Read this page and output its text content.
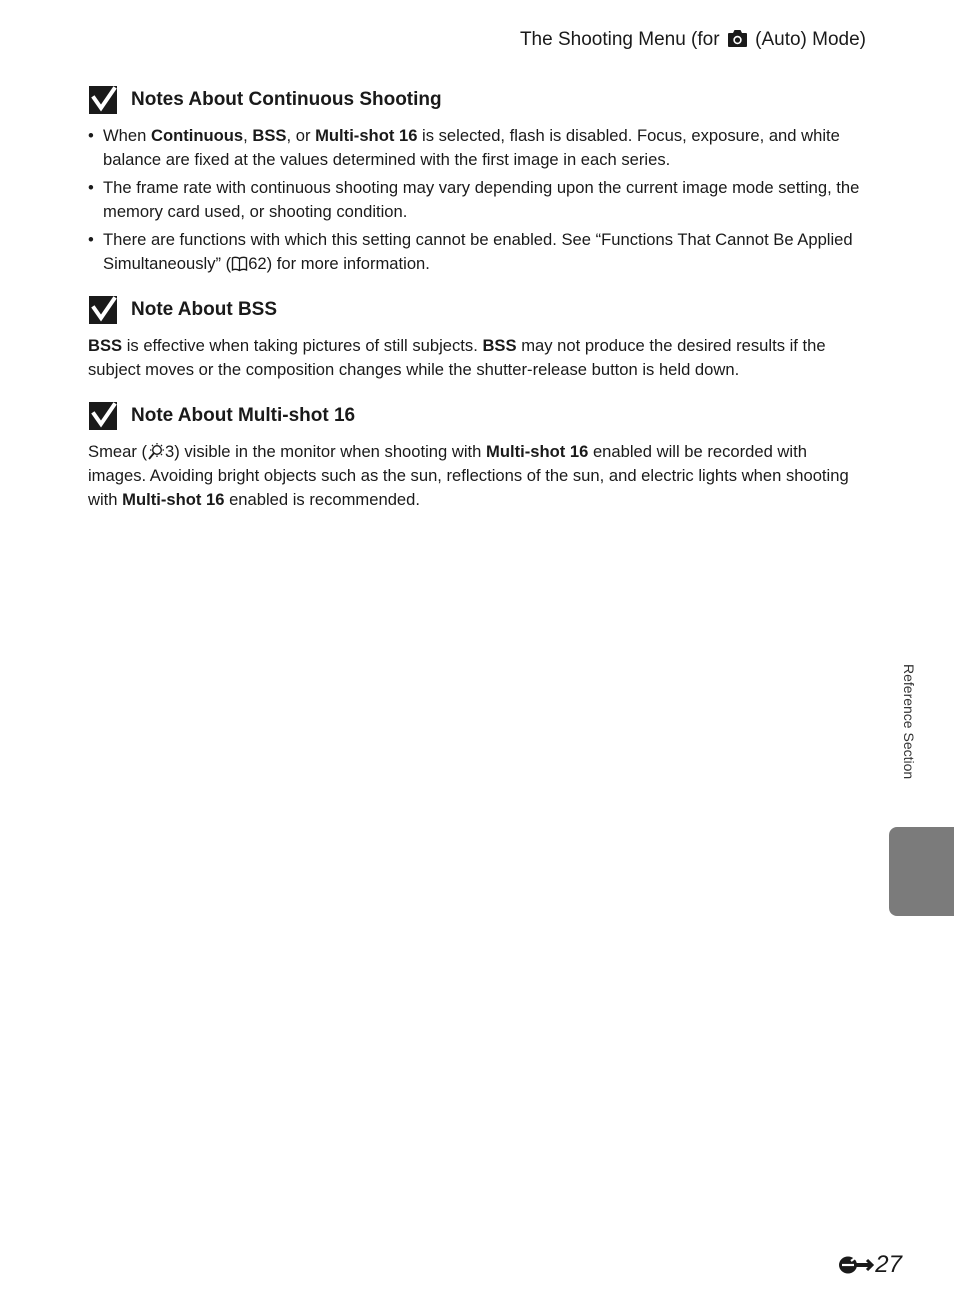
The Shooting Menu (for (Auto) Mode)
Notes About Continuous Shooting
• When Continuous, BSS, or Multi-shot 16 is selected, flash is disabled. Focus, exposure, and white balance are fixed at the values determined with the first image in each series.
• The frame rate with continuous shooting may vary depending upon the current image mode setting, the memory card used, or shooting condition.
• There are functions with which this setting cannot be enabled. See “Functions That Cannot Be Applied Simultaneously” ( 62) for more information.
Note About BSS

BSS is effective when taking pictures of still subjects. BSS may not produce the desired results if the subject moves or the composition changes while the shutter-release button is held down.

Note About Multi-shot 16

Smear ( 3) visible in the monitor when shooting with Multi-shot 16 enabled will be recorded with images. Avoiding bright objects such as the sun, reflections of the sun, and electric lights when shooting with Multi-shot 16 enabled is recommended.

Reference Section
27
